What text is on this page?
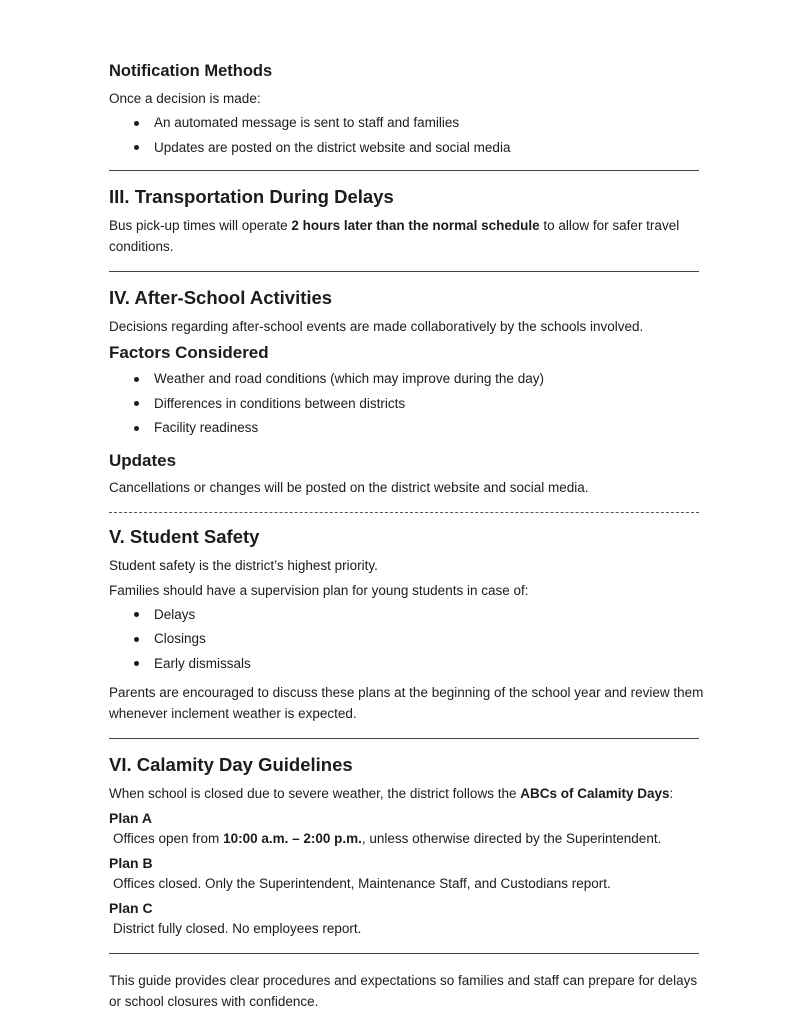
Notification Methods

Once a decision is made:

An automated message is sent to staff and families
Updates are posted on the district website and social media
III. Transportation During Delays

Bus pick-up times will operate 2 hours later than the normal schedule to allow for safer travel conditions.

IV. After-School Activities

Decisions regarding after-school events are made collaboratively by the schools involved.

Factors Considered
Weather and road conditions (which may improve during the day)
Differences in conditions between districts
Facility readiness
Updates

Cancellations or changes will be posted on the district website and social media.

V. Student Safety

Student safety is the district’s highest priority.

Families should have a supervision plan for young students in case of:

Delays
Closings
Early dismissals

Parents are encouraged to discuss these plans at the beginning of the school year and review them whenever inclement weather is expected.

VI. Calamity Day Guidelines

When school is closed due to severe weather, the district follows the ABCs of Calamity Days:

Plan A

Offices open from 10:00 a.m. – 2:00 p.m., unless otherwise directed by the Superintendent.

Plan B

Offices closed. Only the Superintendent, Maintenance Staff, and Custodians report.

Plan C

District fully closed. No employees report.

This guide provides clear procedures and expectations so families and staff can prepare for delays or school closures with confidence.
